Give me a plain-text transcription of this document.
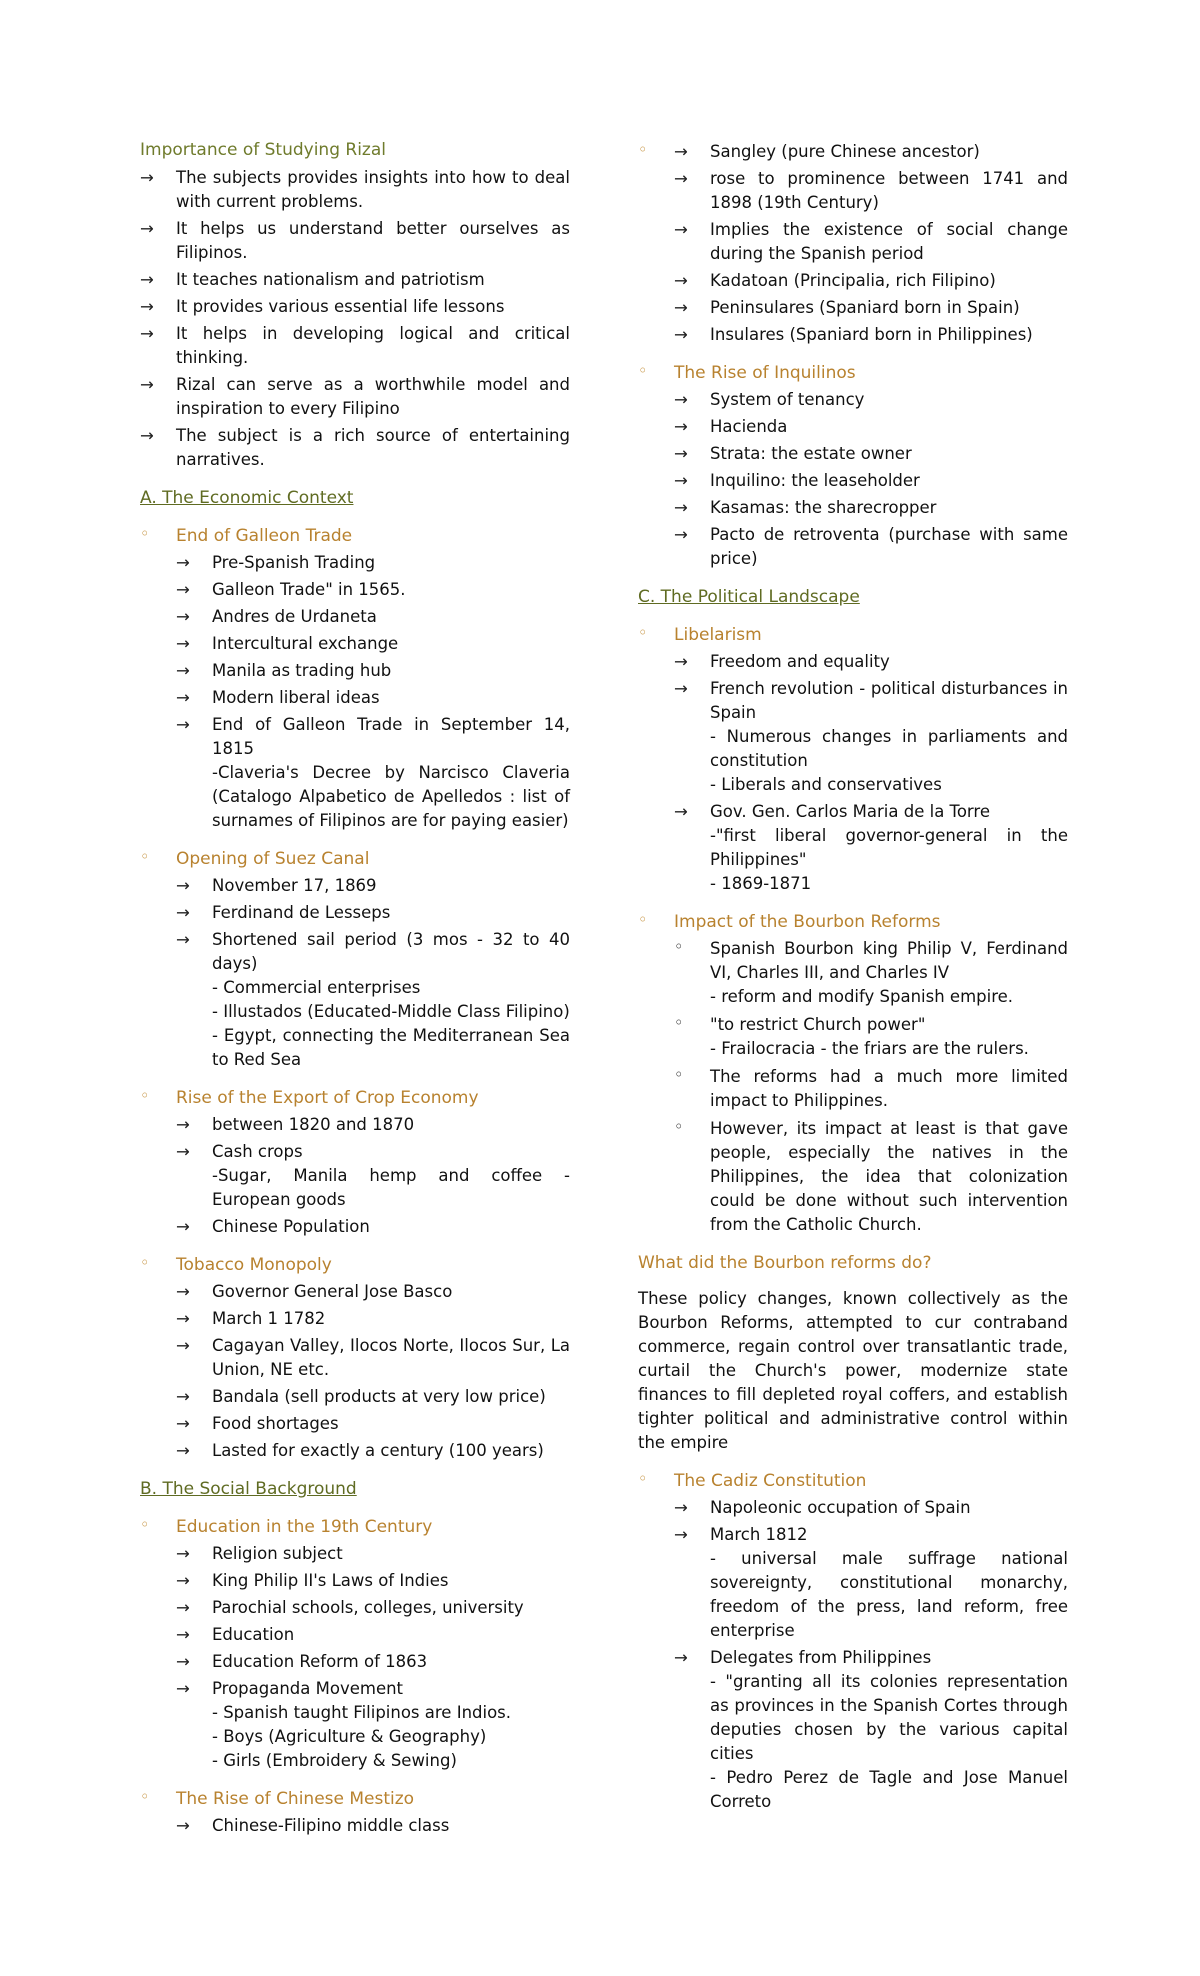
Importance of Studying Rizal
→ The subjects provides insights into how to deal with current problems.
→ It helps us understand better ourselves as Filipinos.
→ It teaches nationalism and patriotism
→ It provides various essential life lessons
→ It helps in developing logical and critical thinking.
→ Rizal can serve as a worthwhile model and inspiration to every Filipino
→ The subject is a rich source of entertaining narratives.
A. The Economic Context
◦ End of Galleon Trade
→ Pre-Spanish Trading
→ Galleon Trade" in 1565.
→ Andres de Urdaneta
→ Intercultural exchange
→ Manila as trading hub
→ Modern liberal ideas
→ End of Galleon Trade in September 14, 1815
-Claveria's Decree by Narcisco Claveria (Catalogo Alpabetico de Apelledos : list of surnames of Filipinos are for paying easier)
◦ Opening of Suez Canal
→ November 17, 1869
→ Ferdinand de Lesseps
→ Shortened sail period (3 mos - 32 to 40 days)
- Commercial enterprises
- Illustados (Educated-Middle Class Filipino)
- Egypt, connecting the Mediterranean Sea to Red Sea
◦ Rise of the Export of Crop Economy
→ between 1820 and 1870
→ Cash crops
-Sugar, Manila hemp and coffee - European goods
→ Chinese Population
◦ Tobacco Monopoly
→ Governor General Jose Basco
→ March 1 1782
→ Cagayan Valley, Ilocos Norte, Ilocos Sur, La Union, NE etc.
→ Bandala (sell products at very low price)
→ Food shortages
→ Lasted for exactly a century (100 years)
B. The Social Background
◦ Education in the 19th Century
→ Religion subject
→ King Philip II's Laws of Indies
→ Parochial schools, colleges, university
→ Education
→ Education Reform of 1863
→ Propaganda Movement
- Spanish taught Filipinos are Indios.
- Boys (Agriculture & Geography)
- Girls (Embroidery & Sewing)
◦ The Rise of Chinese Mestizo
→ Chinese-Filipino middle class
→ ◦ Sangley (pure Chinese ancestor)
→ rose to prominence between 1741 and 1898 (19th Century)
→ Implies the existence of social change during the Spanish period
→ Kadatoan (Principalia, rich Filipino)
→ Peninsulares (Spaniard born in Spain)
→ Insulares (Spaniard born in Philippines)
◦ The Rise of Inquilinos
→ System of tenancy
→ Hacienda
→ Strata: the estate owner
→ Inquilino: the leaseholder
→ Kasamas: the sharecropper
→ Pacto de retroventa (purchase with same price)
C. The Political Landscape
◦ Libelarism
→ Freedom and equality
→ French revolution - political disturbances in Spain
- Numerous changes in parliaments and constitution
- Liberals and conservatives
→ Gov. Gen. Carlos Maria de la Torre
-"first liberal governor-general in the Philippines"
- 1869-1871
◦ Impact of the Bourbon Reforms
◦ Spanish Bourbon king Philip V, Ferdinand VI, Charles III, and Charles IV
- reform and modify Spanish empire.
◦ "to restrict Church power"
- Frailocracia - the friars are the rulers.
◦ The reforms had a much more limited impact to Philippines.
◦ However, its impact at least is that gave people, especially the natives in the Philippines, the idea that colonization could be done without such intervention from the Catholic Church.
What did the Bourbon reforms do?

These policy changes, known collectively as the Bourbon Reforms, attempted to cur contraband commerce, regain control over transatlantic trade, curtail the Church's power, modernize state finances to fill depleted royal coffers, and establish tighter political and administrative control within the empire

◦ The Cadiz Constitution
→ Napoleonic occupation of Spain
→ March 1812
- universal male suffrage national sovereignty, constitutional monarchy, freedom of the press, land reform, free enterprise
→ Delegates from Philippines
- "granting all its colonies representation as provinces in the Spanish Cortes through deputies chosen by the various capital cities
- Pedro Perez de Tagle and Jose Manuel Correto
